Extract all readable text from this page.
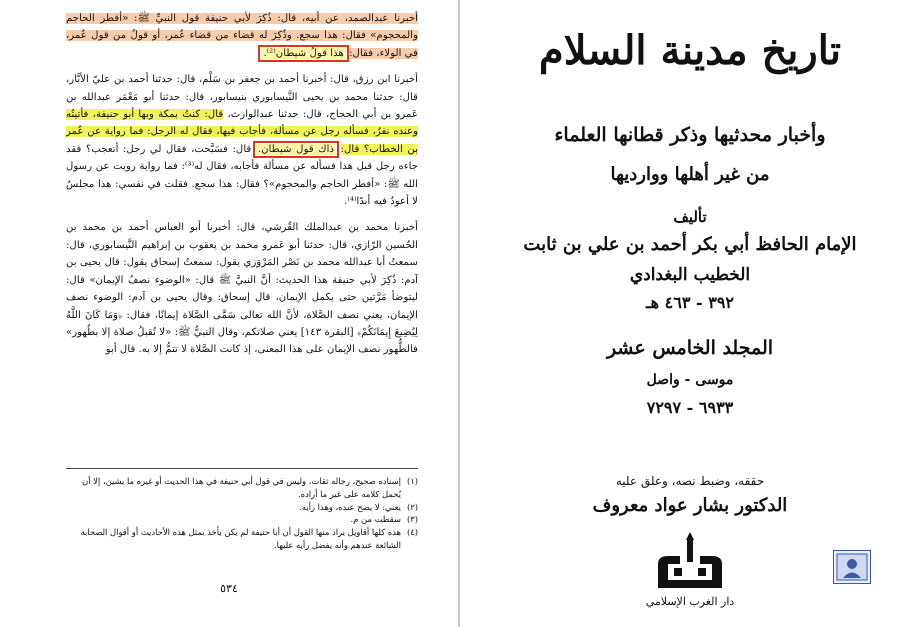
أخبرنا عبدالصمد، عن أبيه، قال: ذُكِرَ لأبي حنيفة قول النبيِّ ﷺ: «أفطر الحاجم والمحجوم» فقال: هذا سجع. وذُكِرَ له قضاء من قضاء عُمر، أو قولٌ من قول عُمر، في الولاء، فقال: هذا قولُ شيطان⁽²⁾.

أخبرنا ابن رزق، قال: أخبرنا أحمد بن جعفر بن سَلْم، قال: حدثنا أحمد بن عليّ الأبَّار، قال: حدثنا محمد بن يحيى النَّيسابوري بنيسابور، قال: حدثنا أبو مَعْمَر عبدالله بن عَمرو بن أبي الحجاج، قال: حدثنا عبدالوارث، قال: كنتُ بمكة وبها أبو حنيفة، فأتيتُه وعنده نفرٌ، فسأله رجل عن مسألة، فأجاب فيها، فقال له الرجل: فما رواية عن عُمر بن الخطاب؟ قال: ذاك قول شيطان. قال: فسَبَّحت، فقال لي رجل: أتعجب؟ فقد جاءه رجل قبل هذا فسأله عن مسألة فأجابه، فقال له⁽³⁾: فما رواية رويت عن رسول الله ﷺ: «أفطر الحاجم والمحجوم»؟ فقال: هذا سجع. فقلت في نفسي: هذا مجلسٌ لا أعودُ فيه أبدًا⁽⁴⁾.

أخبرنا محمد بن عبدالملك القُرشي، قال: أخبرنا أبو العباس أحمد بن محمد بن الحُسين الرّازي، قال: حدثنا أبو عَمرو محمد بن يعقوب بن إبراهيم النَّيسابوري، قال: سمعتُ أبا عبدالله محمد بن نَصْر المَرْوَزي يقول: سمعتُ إسحاق يقول: قال يحيى بن آدم: ذُكِرَ لأبي حنيفة هذا الحديث: أنَّ النبيَّ ﷺ قال: «الوضوء نصفُ الإيمان» قال: ليتوضأ مَرَّتين حتى يكمل الإيمان، قال إسحاق: وقال يحيى بن آدم: الوضوء نصف الإيمان، يعني نصف الصَّلاة، لأنَّ الله تعالى سَمَّى الصَّلاة إيمانًا، فقال: ﴿وَمَا كَانَ اللَّهُ لِيُضِيعَ إِيمَانَكُمْ﴾ [البقرة ١٤٣] يعني صلاتكم، وقال النبيُّ ﷺ: «لا تُقبلُ صلاة إلا بطُهور» فالطُّهور نصف الإيمان على هذا المعنى، إذ كانت الصَّلاة لا تتمُّ إلا به. قال أبو

(١)
إسناده صحيح، رجاله ثقات، وليس في قول أبي حنيفة في هذا الحديث أو غيره ما يشين، إلا أن يُحمل كلامه على غير ما أراده.
(٢)
يعني: لا يصح عنده، وهذا رأيه.
(٣)
سقطت من م.
(٤)
هذه كلها أقاويل يراد منها القول أن أبا حنيفة لم يكن يأخذ بمثل هذه الأحاديث أو أقوال الصحابة الشائعة عندهم وأنه يفضل رأيه عليها.
٥٣٤
تاريخ مدينة السلام
وأخبار محدثيها وذكر قطانها العلماء
من غير أهلها ووارديها
تأليف
الإمام الحافظ أبي بكر أحمد بن علي بن ثابت
الخطيب البغدادي
٣٩٢ - ٤٦٣ هـ
المجلد الخامس عشر
موسى - واصل
٦٩٣٣ - ٧٢٩٧
حققه، وضبط نصه، وعلق عليه
الدكتور بشار عواد معروف
دار الغرب الإسلامي
